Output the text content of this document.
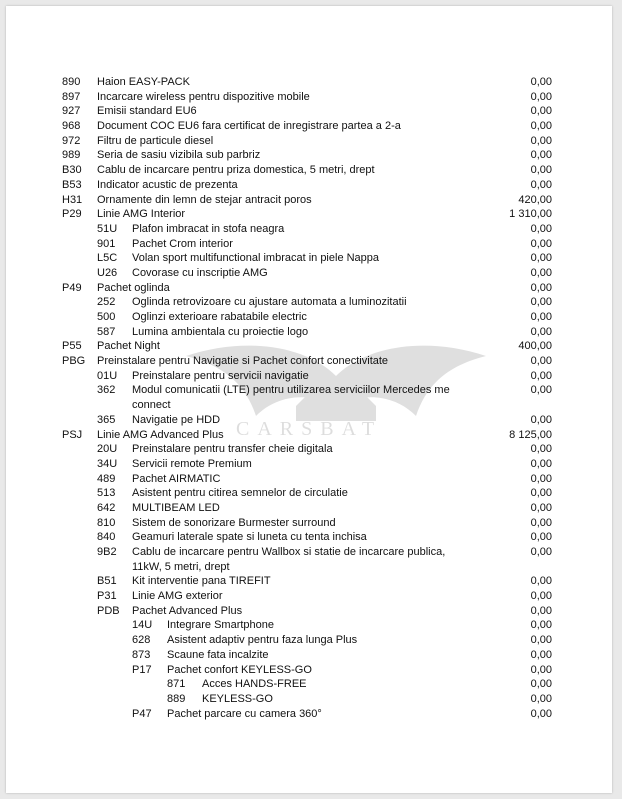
CARSBAT
890 Haion EASY-PACK	0,00
897 Incarcare wireless pentru dispozitive mobile	0,00
927 Emisii standard EU6	0,00
968 Document COC EU6 fara certificat de inregistrare partea a 2-a	0,00
972 Filtru de particule diesel	0,00
989 Seria de sasiu vizibila sub parbriz	0,00
B30 Cablu de incarcare pentru priza domestica, 5 metri, drept	0,00
B53 Indicator acustic de prezenta	0,00
H31 Ornamente din lemn de stejar antracit poros	420,00
P29 Linie AMG Interior	1 310,00
51U Plafon imbracat in stofa neagra	0,00
901 Pachet Crom interior	0,00
L5C Volan sport multifunctional imbracat in piele Nappa	0,00
U26 Covorase cu inscriptie AMG	0,00
P49 Pachet oglinda	0,00
252 Oglinda retrovizoare cu ajustare automata a luminozitatii	0,00
500 Oglinzi exterioare rabatabile electric	0,00
587 Lumina ambientala cu proiectie logo	0,00
P55 Pachet Night	400,00
PBG Preinstalare pentru Navigatie si Pachet confort conectivitate	0,00
01U Preinstalare pentru servicii navigatie	0,00
362 Modul comunicatii (LTE) pentru utilizarea serviciilor Mercedes me connect
0,00
365 Navigatie pe HDD	0,00
PSJ Linie AMG Advanced Plus	8 125,00
20U Preinstalare pentru transfer cheie digitala	0,00
34U Servicii remote Premium	0,00
489 Pachet AIRMATIC	0,00
513 Asistent pentru citirea semnelor de circulatie	0,00
642 MULTIBEAM LED	0,00
810 Sistem de sonorizare Burmester surround	0,00
840 Geamuri laterale spate si luneta cu tenta inchisa	0,00
9B2 Cablu de incarcare pentru Wallbox si statie de incarcare publica, 11kW, 5 metri, drept
0,00
B51 Kit interventie pana TIREFIT	0,00
P31 Linie AMG exterior	0,00
PDB Pachet Advanced Plus	0,00
14U Integrare Smartphone	0,00
628 Asistent adaptiv pentru faza lunga Plus	0,00
873 Scaune fata incalzite	0,00
P17 Pachet confort KEYLESS-GO	0,00
871 Acces HANDS-FREE	0,00
889 KEYLESS-GO	0,00
P47 Pachet parcare cu camera 360°	0,00
